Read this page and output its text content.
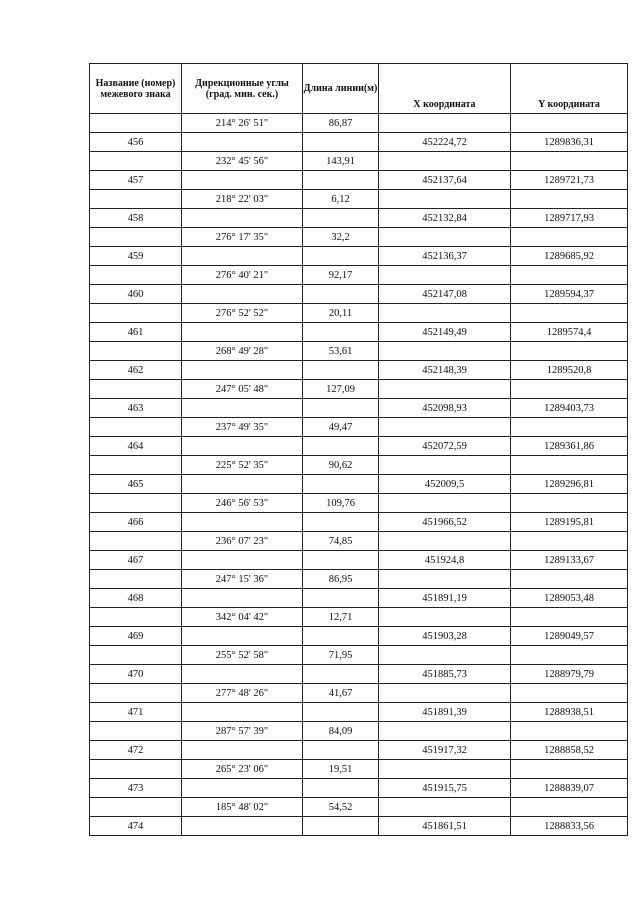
Название (номер) межевого знака	Дирекционные углы (град. мин. сек.)	Длина линии(м)	X координата	Y координата
	214° 26' 51"	86,87		
456			452224,72	1289836,31
	232° 45' 56"	143,91		
457			452137,64	1289721,73
	218° 22' 03"	6,12		
458			452132,84	1289717,93
	276° 17' 35"	32,2		
459			452136,37	1289685,92
	276° 40' 21"	92,17		
460			452147,08	1289594,37
	276° 52' 52"	20,11		
461			452149,49	1289574,4
	268° 49' 28"	53,61		
462			452148,39	1289520,8
	247° 05' 48"	127,09		
463			452098,93	1289403,73
	237° 49' 35"	49,47		
464			452072,59	1289361,86
	225° 52' 35"	90,62		
465			452009,5	1289296,81
	246° 56' 53"	109,76		
466			451966,52	1289195,81
	236° 07' 23"	74,85		
467			451924,8	1289133,67
	247° 15' 36"	86,95		
468			451891,19	1289053,48
	342° 04' 42"	12,71		
469			451903,28	1289049,57
	255° 52' 58"	71,95		
470			451885,73	1288979,79
	277° 48' 26"	41,67		
471			451891,39	1288938,51
	287° 57' 39"	84,09		
472			451917,32	1288858,52
	265° 23' 06"	19,51		
473			451915,75	1288839,07
	185° 48' 02"	54,52		
474			451861,51	1288833,56
